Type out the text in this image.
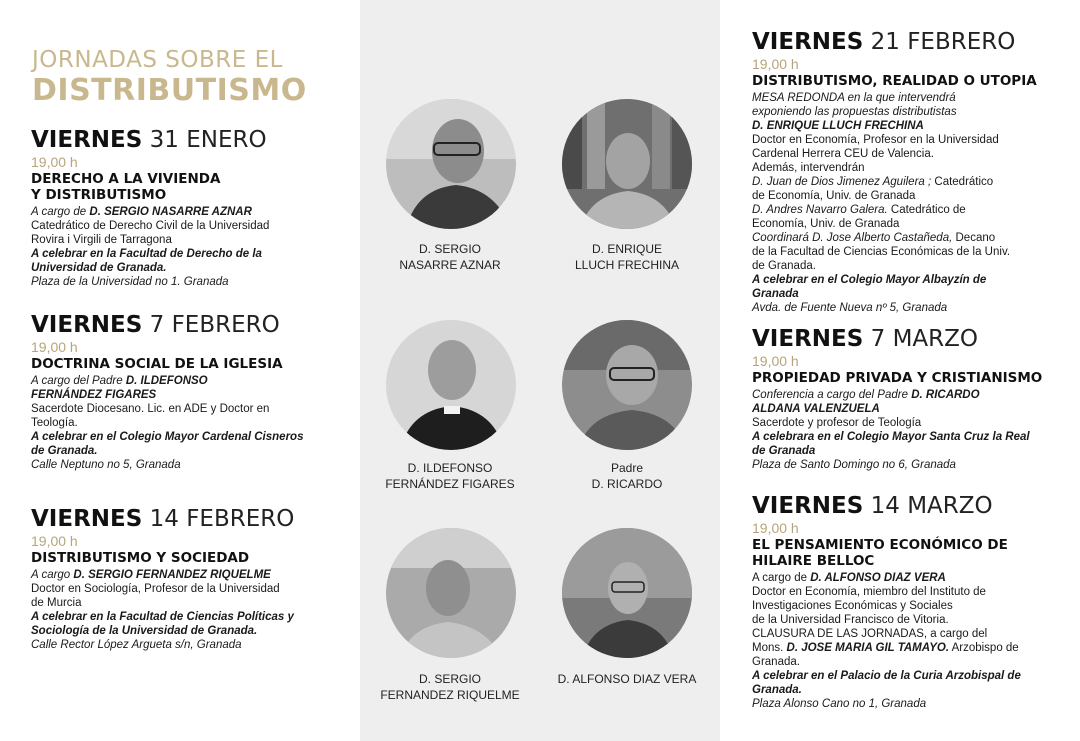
JORNADAS SOBRE EL
DISTRIBUTISMO
VIERNES 31 ENERO
19,00 h
DERECHO A LA VIVIENDA
Y DISTRIBUTISMO
A cargo de D. SERGIO NASARRE AZNAR
Catedrático de Derecho Civil de la Universidad
Rovira i Virgili de Tarragona
A celebrar en la Facultad de Derecho de la
Universidad de Granada.
Plaza de la Universidad no 1. Granada
VIERNES 7 FEBRERO
19,00 h
DOCTRINA SOCIAL DE LA IGLESIA
A cargo del Padre D. ILDEFONSO
FERNÁNDEZ FIGARES
Sacerdote Diocesano. Lic. en ADE y Doctor en
Teología.
A celebrar en el Colegio Mayor Cardenal Cisneros
de Granada.
Calle Neptuno no 5, Granada
VIERNES 14 FEBRERO
19,00 h
DISTRIBUTISMO Y SOCIEDAD
A cargo D. SERGIO FERNANDEZ RIQUELME
Doctor en Sociología, Profesor de la Universidad
de Murcia
A celebrar en la Facultad de Ciencias Políticas y
Sociología de la Universidad de Granada.
Calle Rector López Argueta s/n, Granada
VIERNES 21 FEBRERO
19,00 h
DISTRIBUTISMO, REALIDAD O UTOPIA
MESA REDONDA en la que intervendrá
exponiendo las propuestas distributistas
D. ENRIQUE LLUCH FRECHINA
Doctor en Economía, Profesor en la Universidad
Cardenal Herrera CEU de Valencia.
Además, intervendrán
D. Juan de Dios Jimenez Aguilera ; Catedrático
de Economía, Univ. de Granada
D. Andres Navarro Galera. Catedrático de
Economía, Univ. de Granada
Coordinará D. Jose Alberto Castañeda, Decano
de la Facultad de Ciencias Económicas de la Univ.
de Granada.
A celebrar en el Colegio Mayor Albayzín de
Granada
Avda. de Fuente Nueva nº 5, Granada
VIERNES 7 MARZO
19,00 h
PROPIEDAD PRIVADA Y CRISTIANISMO
Conferencia a cargo del Padre D. RICARDO
ALDANA VALENZUELA
Sacerdote y profesor de Teología
A celebrara en el Colegio Mayor Santa Cruz la Real
de Granada
Plaza de Santo Domingo no 6, Granada
VIERNES 14 MARZO
19,00 h
EL PENSAMIENTO ECONÓMICO DE
HILAIRE BELLOC
A cargo de D. ALFONSO DIAZ VERA
Doctor en Economía, miembro del Instituto de
Investigaciones Económicas y Sociales
de la Universidad Francisco de Vitoria.
CLAUSURA DE LAS JORNADAS, a cargo del
Mons. D. JOSE MARIA GIL TAMAYO. Arzobispo de
Granada.
A celebrar en el Palacio de la Curia Arzobispal de
Granada.
Plaza Alonso Cano no 1, Granada
D. SERGIO
NASARRE AZNAR
D. ENRIQUE
LLUCH FRECHINA
D. ILDEFONSO
FERNÁNDEZ FIGARES
Padre
D. RICARDO
D. SERGIO
FERNANDEZ RIQUELME
D. ALFONSO DIAZ VERA
